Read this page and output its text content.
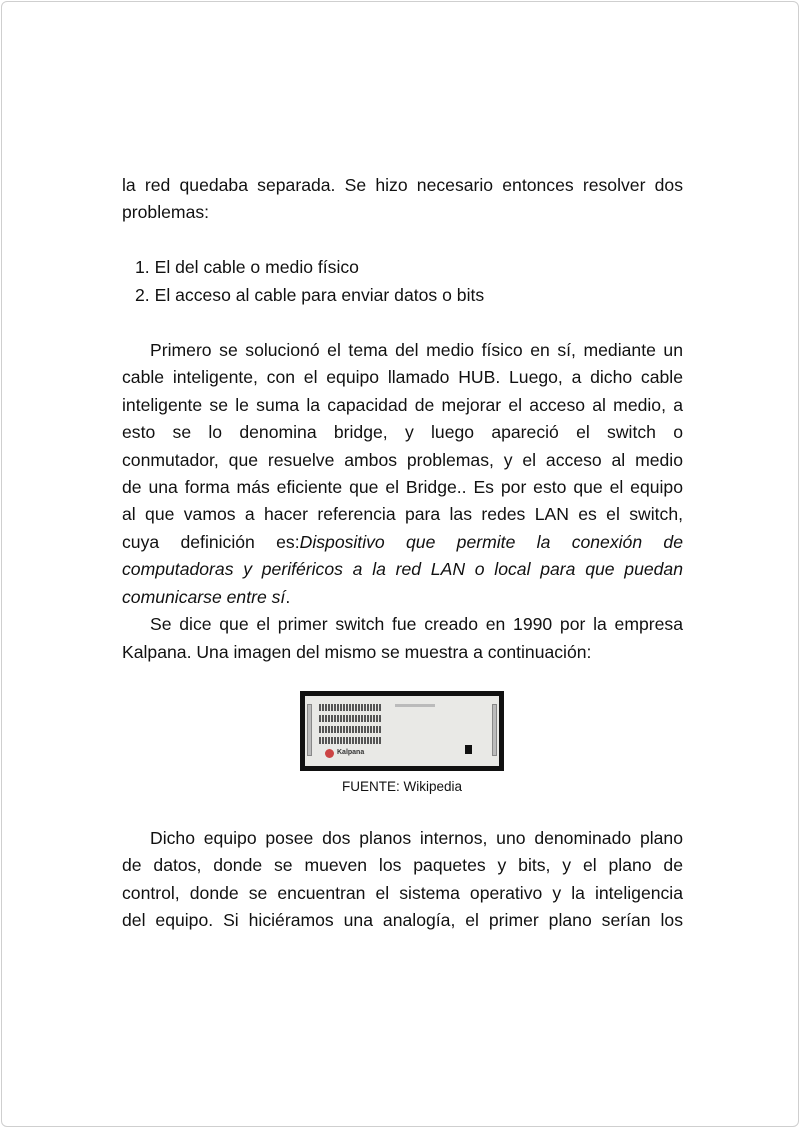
la red quedaba separada. Se hizo necesario entonces resolver dos
problemas:
1. El del cable o medio físico
2. El acceso al cable para enviar datos o bits
Primero se solucionó el tema del medio físico en sí, mediante un
cable inteligente, con el equipo llamado HUB. Luego, a dicho cable
inteligente se le suma la capacidad de mejorar el acceso al medio, a
esto se lo denomina bridge, y luego apareció el switch o
conmutador, que resuelve ambos problemas, y el acceso al medio
de una forma más eficiente que el Bridge.. Es por esto que el equipo
al que vamos a hacer referencia para las redes LAN es el switch,
cuya definición es:Dispositivo que permite la conexión de
computadoras y periféricos a la red LAN o local para que puedan
comunicarse entre sí.
Se dice que el primer switch fue creado en 1990 por la empresa
Kalpana. Una imagen del mismo se muestra a continuación:
Kalpana
FUENTE: Wikipedia
Dicho equipo posee dos planos internos, uno denominado plano
de datos, donde se mueven los paquetes y bits, y el plano de
control, donde se encuentran el sistema operativo y la inteligencia
del equipo. Si hiciéramos una analogía, el primer plano serían los
